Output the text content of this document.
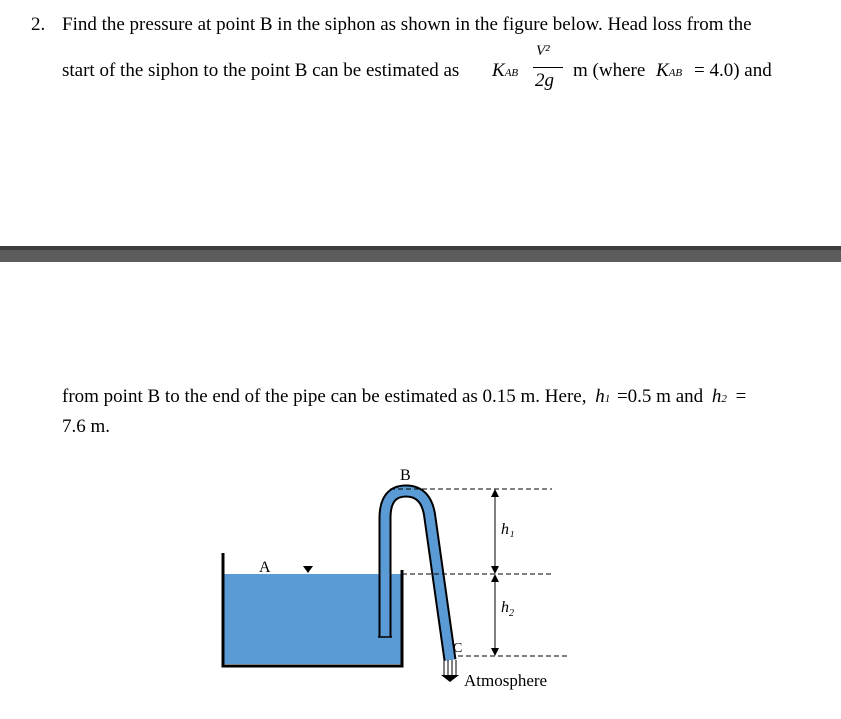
2. Find the pressure at point B in the siphon as shown in the figure below. Head loss from the
start of the siphon to the point B can be estimated as KAB
V²
2g m (where KAB = 4.0) and
from point B to the end of the pipe can be estimated as 0.15 m. Here, h1 =0.5 m and h2 =
7.6 m.
B
A
C
h₁
$h_2$
Atmosphere
